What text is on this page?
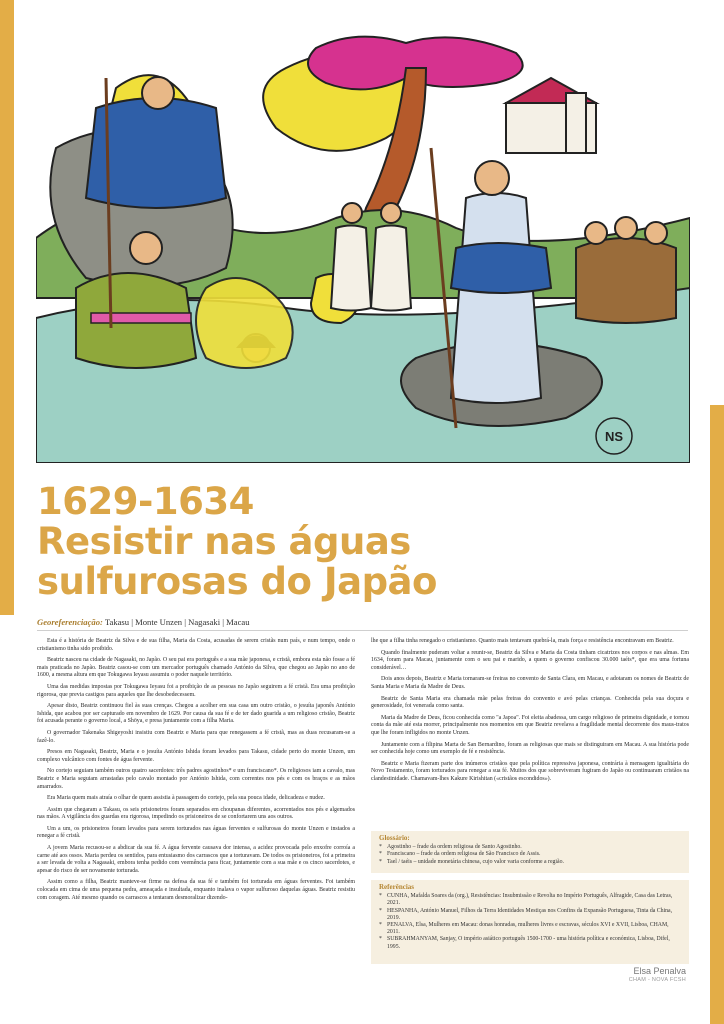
NS
1629-1634
Resistir nas águas
sulfurosas do Japão
Georeferenciação: Takasu | Monte Unzen | Nagasaki | Macau

Esta é a história de Beatriz da Silva e de sua filha, Maria da Costa, acusadas de serem cristãs num país, e num tempo, onde o cristianismo tinha sido proibido.

Beatriz nasceu na cidade de Nagasaki, no Japão. O seu pai era português e a sua mãe japonesa, e cristã, embora esta não fosse a fé mais praticada no Japão. Beatriz casou-se com um mercador português chamado António da Silva, que chegou ao Japão no ano de 1600, a mesma altura em que Tokugawa Ieyasu assumiu o poder naquele território.

Uma das medidas impostas por Tokugawa Ieyasu foi a proibição de as pessoas no Japão seguirem a fé cristã. Era uma proibição rigorosa, que previa castigos para aqueles que lhe desobedecessem.

Apesar disto, Beatriz continuou fiel às suas crenças. Chegou a acolher em sua casa um outro cristão, o jesuíta japonês António Ishida, que acabou por ser capturado em novembro de 1629. Por causa da sua fé e de ter dado guarida a um religioso cristão, Beatriz foi acusada perante o governo local, a Shōya, e presa juntamente com a filha Maria.

O governador Takenaka Shigeyoshi insistiu com Beatriz e Maria para que renegassem a fé cristã, mas as duas recusaram-se a fazê-lo.

Presos em Nagasaki, Beatriz, Maria e o jesuíta António Ishida foram levados para Takasu, cidade perto do monte Unzen, um complexo vulcânico com fontes de água fervente.

No cortejo seguiam também outros quatro sacerdotes: três padres agostinhos* e um franciscano*. Os religiosos iam a cavalo, mas Beatriz e Maria seguiam arrastadas pelo cavalo montado por António Ishida, com correntes nos pés e com os braços e as mãos amarrados.

Era Maria quem mais atraía o olhar de quem assistia à passagem do cortejo, pela sua pouca idade, delicadeza e nudez.

Assim que chegaram a Takasu, os seis prisioneiros foram separados em choupanas diferentes, acorrentados nos pés e algemados nas mãos. A vigilância dos guardas era rigorosa, impedindo os prisioneiros de se confortarem uns aos outros.

Um a um, os prisioneiros foram levados para serem torturados nas águas ferventes e sulfurosas do monte Unzen e instados a renegar a fé cristã.

A jovem Maria recusou-se a abdicar da sua fé. A água fervente causava dor intensa, a acidez provocada pelo enxofre corroía a carne até aos ossos. Maria perdeu os sentidos, para entusiasmo dos carrascos que a torturavam. De todos os prisioneiros, foi a primeira a ser levada de volta a Nagasaki, embora tenha pedido com veemência para ficar, juntamente com a sua mãe e os cinco sacerdotes, e apesar do risco de ser novamente torturada.

Assim como a filha, Beatriz manteve-se firme na defesa da sua fé e também foi torturada em águas ferventes. Foi também colocada em cima de uma pequena pedra, ameaçada e insultada, enquanto inalava o vapor sulfuroso daquelas águas. Beatriz resistiu com coragem. Até mesmo quando os carrascos a tentaram desmoralizar dizendo-

lhe que a filha tinha renegado o cristianismo. Quanto mais tentavam quebrá-la, mais força e resistência encontravam em Beatriz.

Quando finalmente puderam voltar a reunir-se, Beatriz da Silva e Maria da Costa tinham cicatrizes nos corpos e nas almas. Em 1634, foram para Macau, juntamente com o seu pai e marido, a quem o governo confiscou 30.000 taéis*, que era uma fortuna considerável…

Dois anos depois, Beatriz e Maria tornaram-se freiras no convento de Santa Clara, em Macau, e adotaram os nomes de Beatriz de Santa Maria e Maria da Madre de Deus.

Beatriz de Santa Maria era chamada mãe pelas freiras do convento e avó pelas crianças. Conhecida pela sua doçura e generosidade, foi venerada como santa.

Maria da Madre de Deus, ficou conhecida como "a Japoa". Foi eleita abadessa, um cargo religioso de primeira dignidade, e tornou conta da mãe até esta morrer, principalmente nos momentos em que Beatriz revelava a fragilidade mental decorrente dos maus-tratos que lhe foram infligidos no monte Unzen.

Juntamente com a filipina Marta de San Bernardino, foram as religiosas que mais se distinguiram em Macau. A sua história pode ser conhecida hoje como um exemplo de fé e resistência.

Beatriz e Maria fizeram parte dos inúmeros cristãos que pela política repressiva japonesa, contrária à mensagem igualitária do Novo Testamento, foram torturados para renegar a sua fé. Muitos dos que sobreviveram fugiram do Japão ou continuaram cristãos na clandestinidade. Chamavam-lhes Kakure Kirishitan («cristãos escondidos»).

Glossário:
* Agostinho – frade da ordem religiosa de Santo Agostinho.
* Franciscano – frade da ordem religiosa de São Francisco de Assis.
* Tael / taéis – unidade monetária chinesa, cujo valor varia conforme a região.
Referências
* CUNHA, Mafalda Soares da (org.), Resistências: Insubmissão e Revolta no Império Português, Alfragide, Casa das Letras, 2021.
* HESPANHA, António Manuel, Filhos da Terra Identidades Mestiças nos Confins da Expansão Portuguesa, Tinta da China, 2019.
* PENALVA, Elsa, Mulheres em Macau: donas honradas, mulheres livres e escravas, séculos XVI e XVII, Lisboa, CHAM, 2011.
* SUBRAHMANYAM, Sanjay, O império asiático português 1500-1700 - uma história política e económica, Lisboa, Difel, 1995.
Elsa Penalva
CHAM - NOVA FCSH
